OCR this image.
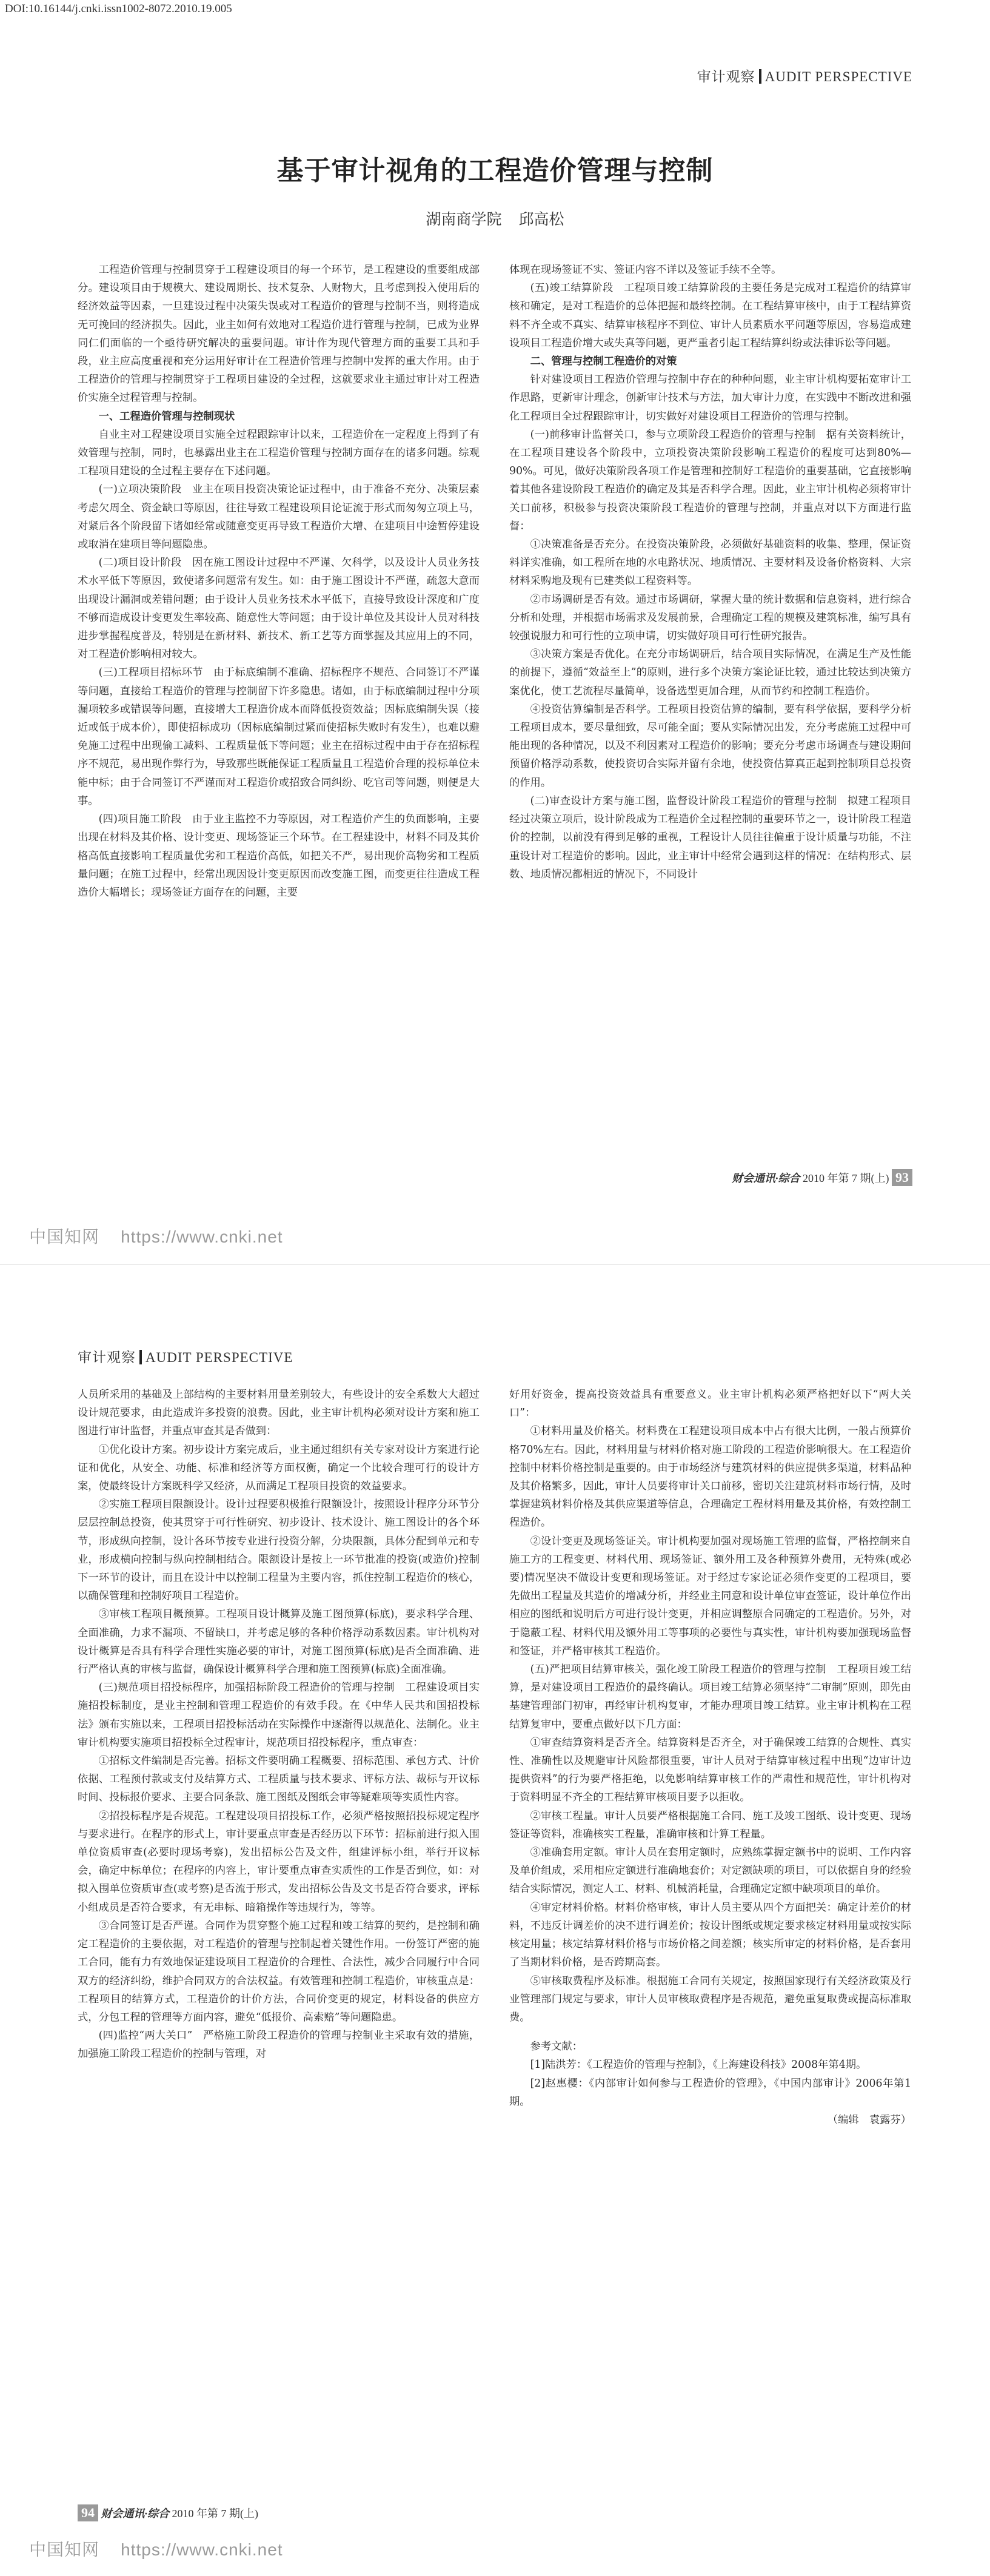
DOI:10.16144/j.cnki.issn1002-8072.2010.19.005
审计观察 AUDIT PERSPECTIVE
基于审计视角的工程造价管理与控制
湖南商学院 邱高松

工程造价管理与控制贯穿于工程建设项目的每一个环节，是工程建设的重要组成部分。建设项目由于规模大、建设周期长、技术复杂、人财物大，且考虑到投入使用后的经济效益等因素，一旦建设过程中决策失误或对工程造价的管理与控制不当，则将造成无可挽回的经济损失。因此，业主如何有效地对工程造价进行管理与控制，已成为业界同仁们面临的一个亟待研究解决的重要问题。审计作为现代管理方面的重要工具和手段，业主应高度重视和充分运用好审计在工程造价管理与控制中发挥的重大作用。由于工程造价的管理与控制贯穿于工程项目建设的全过程，这就要求业主通过审计对工程造价实施全过程管理与控制。

一、工程造价管理与控制现状

自业主对工程建设项目实施全过程跟踪审计以来，工程造价在一定程度上得到了有效管理与控制，同时，也暴露出业主在工程造价管理与控制方面存在的诸多问题。综观工程项目建设的全过程主要存在下述问题。

(一)立项决策阶段　业主在项目投资决策论证过程中，由于准备不充分、决策层素考虑欠周全、资金缺口等原因，往往导致工程建设项目论证流于形式而匆匆立项上马，对紧后各个阶段留下诸如经常或随意变更再导致工程造价大增、在建项目中途暂停建设或取消在建项目等问题隐患。

(二)项目设计阶段　因在施工图设计过程中不严谨、欠科学，以及设计人员业务技术水平低下等原因，致使诸多问题常有发生。如：由于施工图设计不严谨，疏忽大意而出现设计漏洞或差错问题；由于设计人员业务技术水平低下，直接导致设计深度和广度不够而造成设计变更发生率较高、随意性大等问题；由于设计单位及其设计人员对科技进步掌握程度普及，特别是在新材料、新技术、新工艺等方面掌握及其应用上的不同，对工程造价影响相对较大。

(三)工程项目招标环节　由于标底编制不准确、招标程序不规范、合同签订不严谨等问题，直接给工程造价的管理与控制留下许多隐患。诸如，由于标底编制过程中分项漏项较多或错误等问题，直接增大工程造价成本而降低投资效益；因标底编制失误（接近或低于成本价），即使招标成功（因标底编制过紧而使招标失败时有发生），也难以避免施工过程中出现偷工减料、工程质量低下等问题；业主在招标过程中由于存在招标程序不规范，易出现作弊行为，导致那些既能保证工程质量且工程造价合理的投标单位未能中标；由于合同签订不严谨而对工程造价或招致合同纠纷、吃官司等问题，则便是大事。

(四)项目施工阶段　由于业主监控不力等原因，对工程造价产生的负面影响，主要出现在材料及其价格、设计变更、现场签证三个环节。在工程建设中，材料不同及其价格高低直接影响工程质量优劣和工程造价高低，如把关不严，易出现价高物劣和工程质量问题；在施工过程中，经常出现因设计变更原因而改变施工图，而变更往往造成工程造价大幅增长；现场签证方面存在的问题，主要

体现在现场签证不实、签证内容不详以及签证手续不全等。

(五)竣工结算阶段　工程项目竣工结算阶段的主要任务是完成对工程造价的结算审核和确定，是对工程造价的总体把握和最终控制。在工程结算审核中，由于工程结算资料不齐全或不真实、结算审核程序不到位、审计人员素质水平问题等原因，容易造成建设项目工程造价增大或失真等问题，更严重者引起工程结算纠纷或法律诉讼等问题。

二、管理与控制工程造价的对策

针对建设项目工程造价管理与控制中存在的种种问题，业主审计机构要拓宽审计工作思路，更新审计理念，创新审计技术与方法，加大审计力度，在实践中不断改进和强化工程项目全过程跟踪审计，切实做好对建设项目工程造价的管理与控制。

(一)前移审计监督关口，参与立项阶段工程造价的管理与控制　据有关资料统计，在工程项目建设各个阶段中，立项投资决策阶段影响工程造价的程度可达到80%—90%。可见，做好决策阶段各项工作是管理和控制好工程造价的重要基础，它直接影响着其他各建设阶段工程造价的确定及其是否科学合理。因此，业主审计机构必须将审计关口前移，积极参与投资决策阶段工程造价的管理与控制，并重点对以下方面进行监督：

①决策准备是否充分。在投资决策阶段，必须做好基础资料的收集、整理，保证资料详实准确，如工程所在地的水电路状况、地质情况、主要材料及设备价格资料、大宗材料采购地及现有已建类似工程资料等。

②市场调研是否有效。通过市场调研，掌握大量的统计数据和信息资料，进行综合分析和处理，并根据市场需求及发展前景，合理确定工程的规模及建筑标准，编写具有较强说服力和可行性的立项申请，切实做好项目可行性研究报告。

③决策方案是否优化。在充分市场调研后，结合项目实际情况，在满足生产及性能的前提下，遵循“效益至上”的原则，进行多个决策方案论证比较，通过比较达到决策方案优化，使工艺流程尽量简单，设备选型更加合理，从而节约和控制工程造价。

④投资估算编制是否科学。工程项目投资估算的编制，要有科学依据，要科学分析工程项目成本，要尽量细致，尽可能全面；要从实际情况出发，充分考虑施工过程中可能出现的各种情况，以及不利因素对工程造价的影响；要充分考虑市场调查与建设期间预留价格浮动系数，使投资切合实际并留有余地，使投资估算真正起到控制项目总投资的作用。

(二)审查设计方案与施工图，监督设计阶段工程造价的管理与控制　拟建工程项目经过决策立项后，设计阶段成为工程造价全过程控制的重要环节之一，设计阶段工程造价的控制，以前没有得到足够的重视，工程设计人员往往偏重于设计质量与功能，不注重设计对工程造价的影响。因此，业主审计中经常会遇到这样的情况：在结构形式、层数、地质情况都相近的情况下，不同设计

财会通讯·综合 2010 年第 7 期(上) 93
中国知网 https://www.cnki.net
审计观察 AUDIT PERSPECTIVE

人员所采用的基础及上部结构的主要材料用量差别较大，有些设计的安全系数大大超过设计规范要求，由此造成许多投资的浪费。因此，业主审计机构必须对设计方案和施工图进行审计监督，并重点审查其是否做到：

①优化设计方案。初步设计方案完成后，业主通过组织有关专家对设计方案进行论证和优化，从安全、功能、标准和经济等方面权衡，确定一个比较合理可行的设计方案，使最终设计方案既科学又经济，从而满足工程项目投资的效益要求。

②实施工程项目限额设计。设计过程要积极推行限额设计，按照设计程序分环节分层层控制总投资，使其贯穿于可行性研究、初步设计、技术设计、施工图设计的各个环节，形成纵向控制，设计各环节按专业进行投资分解，分块限额，具体分配到单元和专业，形成横向控制与纵向控制相结合。限额设计是按上一环节批准的投资(或造价)控制下一环节的设计，而且在设计中以控制工程量为主要内容，抓住控制工程造价的核心，以确保管理和控制好项目工程造价。

③审核工程项目概预算。工程项目设计概算及施工图预算(标底)，要求科学合理、全面准确，力求不漏项、不留缺口，并考虑足够的各种价格浮动系数因素。审计机构对设计概算是否具有科学合理性实施必要的审计，对施工图预算(标底)是否全面准确、进行严格认真的审核与监督，确保设计概算科学合理和施工图预算(标底)全面准确。

(三)规范项目招投标程序，加强招标阶段工程造价的管理与控制　工程建设项目实施招投标制度，是业主控制和管理工程造价的有效手段。在《中华人民共和国招投标法》颁布实施以来，工程项目招投标活动在实际操作中逐渐得以规范化、法制化。业主审计机构要实施项目招投标全过程审计，规范项目招投标程序，重点审查：

①招标文件编制是否完善。招标文件要明确工程概要、招标范围、承包方式、计价依据、工程预付款或支付及结算方式、工程质量与技术要求、评标方法、裁标与开议标时间、投标报价要求、主要合同条款、施工图纸及图纸会审等疑难项等实质性内容。

②招投标程序是否规范。工程建设项目招投标工作，必须严格按照招投标规定程序与要求进行。在程序的形式上，审计要重点审查是否经历以下环节：招标前进行拟入围单位资质审查(必要时现场考察)，发出招标公告及文件，组建评标小组，举行开议标会，确定中标单位；在程序的内容上，审计要重点审查实质性的工作是否到位，如：对拟入围单位资质审查(或考察)是否流于形式，发出招标公告及文书是否符合要求，评标小组成员是否符合要求，有无串标、暗箱操作等违规行为，等等。

③合同签订是否严谨。合同作为贯穿整个施工过程和竣工结算的契约，是控制和确定工程造价的主要依据，对工程造价的管理与控制起着关键性作用。一份签订严密的施工合同，能有力有效地保证建设项目工程造价的合理性、合法性，减少合同履行中合同双方的经济纠纷，维护合同双方的合法权益。有效管理和控制工程造价，审核重点是：工程项目的结算方式，工程造价的计价方法，合同价变更的规定，材料设备的供应方式，分包工程的管理等方面内容，避免“低报价、高索赔”等问题隐患。

(四)监控“两大关口”　严格施工阶段工程造价的管理与控制业主采取有效的措施，加强施工阶段工程造价的控制与管理，对

好用好资金，提高投资效益具有重要意义。业主审计机构必须严格把好以下“两大关口”：

①材料用量及价格关。材料费在工程建设项目成本中占有很大比例，一般占预算价格70%左右。因此，材料用量与材料价格对施工阶段的工程造价影响很大。在工程造价控制中材料价格控制是重要的。由于市场经济与建筑材料的供应提供多渠道，材料品种及其价格繁多，因此，审计人员要将审计关口前移，密切关注建筑材料市场行情，及时掌握建筑材料价格及其供应渠道等信息，合理确定工程材料用量及其价格，有效控制工程造价。

②设计变更及现场签证关。审计机构要加强对现场施工管理的监督，严格控制来自施工方的工程变更、材料代用、现场签证、额外用工及各种预算外费用，无特殊(或必要)情况坚决不做设计变更和现场签证。对于经过专家论证必须作变更的工程项目，要先做出工程量及其造价的增减分析，并经业主同意和设计单位审查签证，设计单位作出相应的图纸和说明后方可进行设计变更，并相应调整原合同确定的工程造价。另外，对于隐蔽工程、材料代用及额外用工等事项的必要性与真实性，审计机构要加强现场监督和签证，并严格审核其工程造价。

(五)严把项目结算审核关，强化竣工阶段工程造价的管理与控制　工程项目竣工结算，是对建设项目工程造价的最终确认。项目竣工结算必须坚持“二审制”原则，即先由基建管理部门初审，再经审计机构复审，才能办理项目竣工结算。业主审计机构在工程结算复审中，要重点做好以下几方面：

①审查结算资料是否齐全。结算资料是否齐全，对于确保竣工结算的合规性、真实性、准确性以及规避审计风险都很重要，审计人员对于结算审核过程中出现“边审计边提供资料”的行为要严格拒绝，以免影响结算审核工作的严肃性和规范性，审计机构对于资料明显不齐全的工程结算审核项目要予以拒收。

②审核工程量。审计人员要严格根据施工合同、施工及竣工图纸、设计变更、现场签证等资料，准确核实工程量，准确审核和计算工程量。

③准确套用定额。审计人员在套用定额时，应熟练掌握定额书中的说明、工作内容及单价组成，采用相应定额进行准确地套价；对定额缺项的项目，可以依据自身的经验结合实际情况，测定人工、材料、机械消耗量，合理确定定额中缺项项目的单价。

④审定材料价格。材料价格审核，审计人员主要从四个方面把关：确定计差价的材料，不违反计调差价的决不进行调差价；按设计图纸或规定要求核定材料用量或按实际核定用量；核定结算材料价格与市场价格之间差额；核实所审定的材料价格，是否套用了当期材料价格，是否跨期高套。

⑤审核取费程序及标准。根据施工合同有关规定，按照国家现行有关经济政策及行业管理部门规定与要求，审计人员审核取费程序是否规范，避免重复取费或提高标准取费。

参考文献：

[1]陆洪芳：《工程造价的管理与控制》，《上海建设科技》2008年第4期。

[2]赵惠樱：《内部审计如何参与工程造价的管理》，《中国内部审计》2006年第1期。

（编辑　袁露芬）

94 财会通讯·综合 2010 年第 7 期(上)
中国知网 https://www.cnki.net
